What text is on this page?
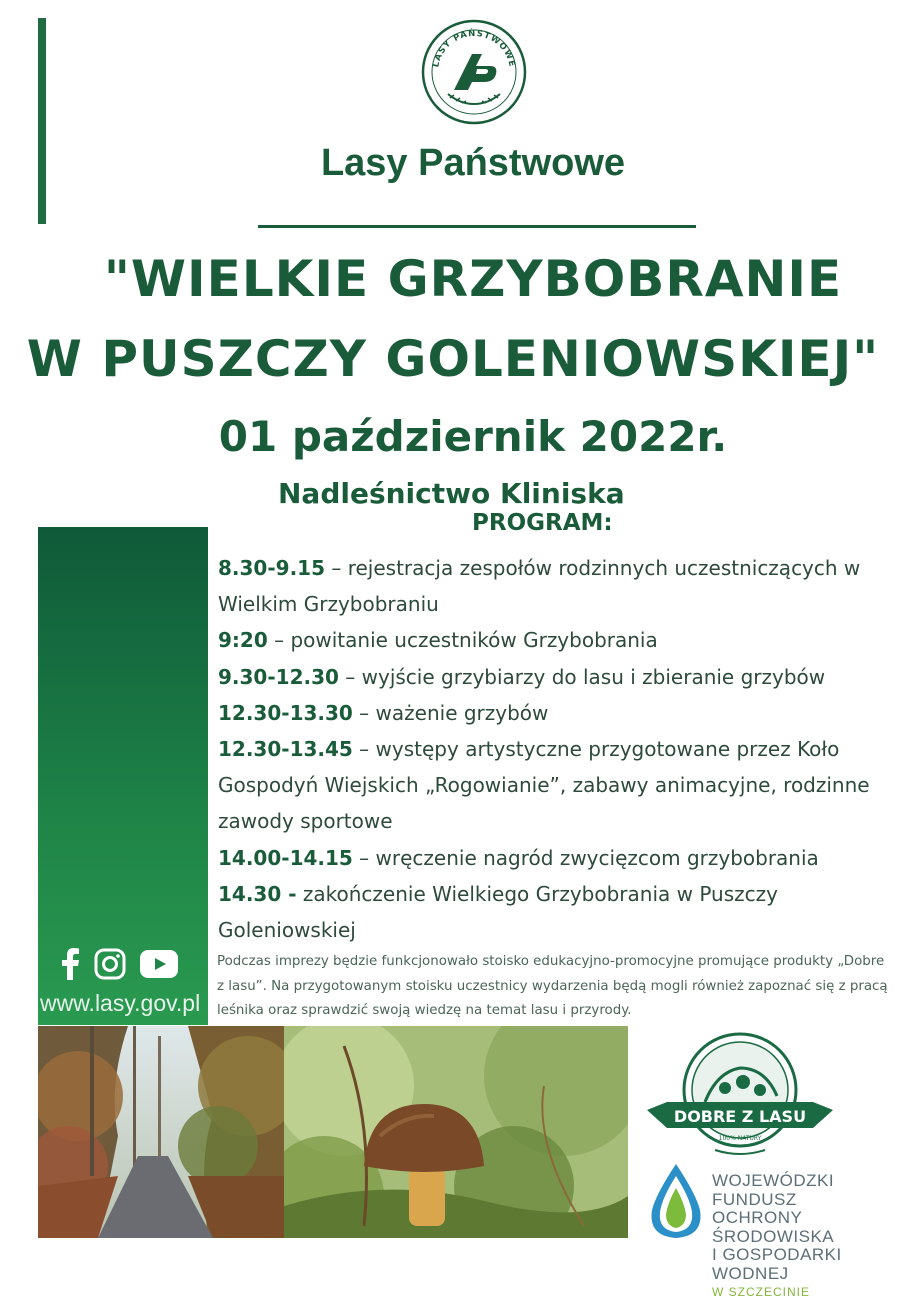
LASY PAŃSTWOWE
Lasy Państwowe
"WIELKIE GRZYBOBRANIE
W PUSZCZY GOLENIOWSKIEJ"
01 październik 2022r.
Nadleśnictwo Kliniska
PROGRAM:
www.lasy.gov.pl
8.30-9.15 – rejestracja zespołów rodzinnych uczestniczących w Wielkim Grzybobraniu
9:20 – powitanie uczestników Grzybobrania
9.30-12.30 – wyjście grzybiarzy do lasu i zbieranie grzybów
12.30-13.30 – ważenie grzybów
12.30-13.45 – występy artystyczne przygotowane przez Koło Gospodyń Wiejskich „Rogowianie”, zabawy animacyjne, rodzinne zawody sportowe
14.00-14.15 – wręczenie nagród zwycięzcom grzybobrania
14.30 - zakończenie Wielkiego Grzybobrania w Puszczy Goleniowskiej
Podczas imprezy będzie funkcjonowało stoisko edukacyjno-promocyjne promujące produkty „Dobre z lasu”. Na przygotowanym stoisku uczestnicy wydarzenia będą mogli również zapoznać się z pracą leśnika oraz sprawdzić swoją wiedzę na temat lasu i przyrody.
DOBRE Z LASU
100% NATURY
WOJEWÓDZKI FUNDUSZ
OCHRONY ŚRODOWISKA
I GOSPODARKI WODNEJ
W SZCZECINIE
